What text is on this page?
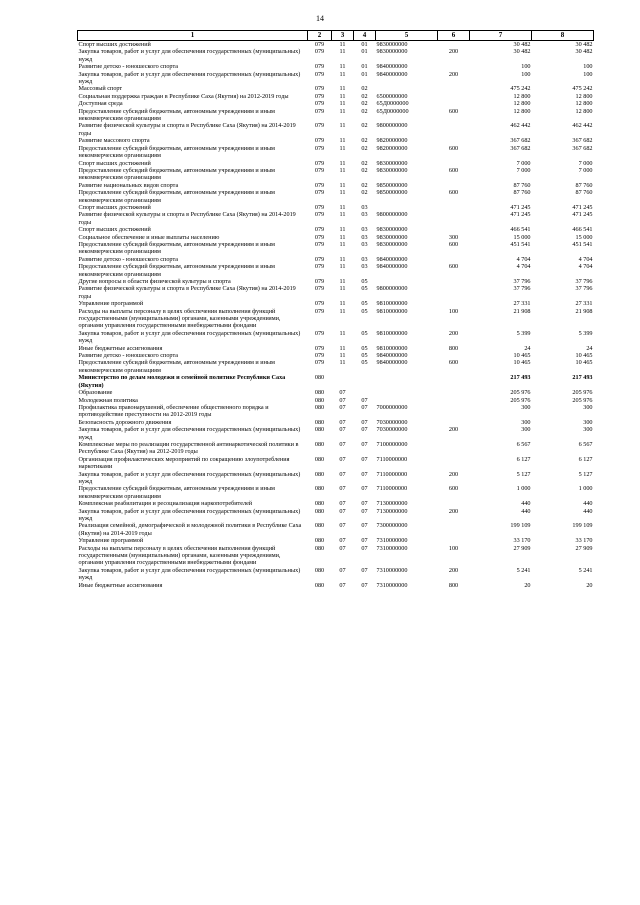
14
1	2	3	4	5	6	7	8
Спорт высших достижений	079	11	01	9830000000		30 482	30 482
Закупка товаров, работ и услуг для обеспечения государственных (муниципальных) нужд	079	11	01	9830000000	200	30 482	30 482
Развитие детско - юношеского спорта	079	11	01	9840000000		100	100
Закупка товаров, работ и услуг для обеспечения государственных (муниципальных) нужд	079	11	01	9840000000	200	100	100
Массовый спорт	079	11	02			475 242	475 242
Социальная поддержка граждан в Республике Саха (Якутия) на 2012-2019 годы	079	11	02	6500000000		12 800	12 800
Доступная среда	079	11	02	65Д0000000		12 800	12 800
Предоставление субсидий бюджетным, автономным учреждениям и иным некоммерческим организациям	079	11	02	65Д0000000	600	12 800	12 800
Развитие физической культуры и спорта в Республике Саха (Якутия) на 2014-2019 годы	079	11	02	9800000000		462 442	462 442
Развитие массового спорта	079	11	02	9820000000		367 682	367 682
Предоставление субсидий бюджетным, автономным учреждениям и иным некоммерческим организациям	079	11	02	9820000000	600	367 682	367 682
Спорт высших достижений	079	11	02	9830000000		7 000	7 000
Предоставление субсидий бюджетным, автономным учреждениям и иным некоммерческим организациям	079	11	02	9830000000	600	7 000	7 000
Развитие национальных видов спорта	079	11	02	9850000000		87 760	87 760
Предоставление субсидий бюджетным, автономным учреждениям и иным некоммерческим организациям	079	11	02	9850000000	600	87 760	87 760
Спорт высших достижений	079	11	03			471 245	471 245
Развитие физической культуры и спорта в Республике Саха (Якутия) на 2014-2019 годы	079	11	03	9800000000		471 245	471 245
Спорт высших достижений	079	11	03	9830000000		466 541	466 541
Социальное обеспечение и иные выплаты населению	079	11	03	9830000000	300	15 000	15 000
Предоставление субсидий бюджетным, автономным учреждениям и иным некоммерческим организациям	079	11	03	9830000000	600	451 541	451 541
Развитие детско - юношеского спорта	079	11	03	9840000000		4 704	4 704
Предоставление субсидий бюджетным, автономным учреждениям и иным некоммерческим организациям	079	11	03	9840000000	600	4 704	4 704
Другие вопросы в области физической культуры и спорта	079	11	05			37 796	37 796
Развитие физической культуры и спорта в Республике Саха (Якутия) на 2014-2019 годы	079	11	05	9800000000		37 796	37 796
Управление программой	079	11	05	9810000000		27 331	27 331
Расходы на выплаты персоналу в целях обеспечения выполнения функций государственными (муниципальными) органами, казенными учреждениями, органами управления государственными внебюджетными фондами	079	11	05	9810000000	100	21 908	21 908
Закупка товаров, работ и услуг для обеспечения государственных (муниципальных) нужд	079	11	05	9810000000	200	5 399	5 399
Иные бюджетные ассигнования	079	11	05	9810000000	800	24	24
Развитие детско - юношеского спорта	079	11	05	9840000000		10 465	10 465
Предоставление субсидий бюджетным, автономным учреждениям и иным некоммерческим организациям	079	11	05	9840000000	600	10 465	10 465
Министерство по делам молодежи и семейной политике Республики Саха (Якутия)	080					217 493	217 493
Образование	080	07				205 976	205 976
Молодежная политика	080	07	07			205 976	205 976
Профилактика правонарушений, обеспечение общественного порядка и противодействие преступности на 2012-2019 годы	080	07	07	7000000000		300	300
Безопасность дорожного движения	080	07	07	7030000000		300	300
Закупка товаров, работ и услуг для обеспечения государственных (муниципальных) нужд	080	07	07	7030000000	200	300	300
Комплексные меры по реализации государственной антинаркотической политики в Республике Саха (Якутия) на 2012-2019 годы	080	07	07	7100000000		6 567	6 567
Организация профилактических мероприятий по сокращению злоупотребления наркотиками	080	07	07	7110000000		6 127	6 127
Закупка товаров, работ и услуг для обеспечения государственных (муниципальных) нужд	080	07	07	7110000000	200	5 127	5 127
Предоставление субсидий бюджетным, автономным учреждениям и иным некоммерческим организациям	080	07	07	7110000000	600	1 000	1 000
Комплексная реабилитация и ресоциализация наркопотребителей	080	07	07	7130000000		440	440
Закупка товаров, работ и услуг для обеспечения государственных (муниципальных) нужд	080	07	07	7130000000	200	440	440
Реализация семейной, демографической и молодежной политики в Республике Саха (Якутия) на 2014-2019 годы	080	07	07	7300000000		199 109	199 109
Управление программой	080	07	07	7310000000		33 170	33 170
Расходы на выплаты персоналу в целях обеспечения выполнения функций государственными (муниципальными) органами, казенными учреждениями, органами управления государственными внебюджетными фондами	080	07	07	7310000000	100	27 909	27 909
Закупка товаров, работ и услуг для обеспечения государственных (муниципальных) нужд	080	07	07	7310000000	200	5 241	5 241
Иные бюджетные ассигнования	080	07	07	7310000000	800	20	20
